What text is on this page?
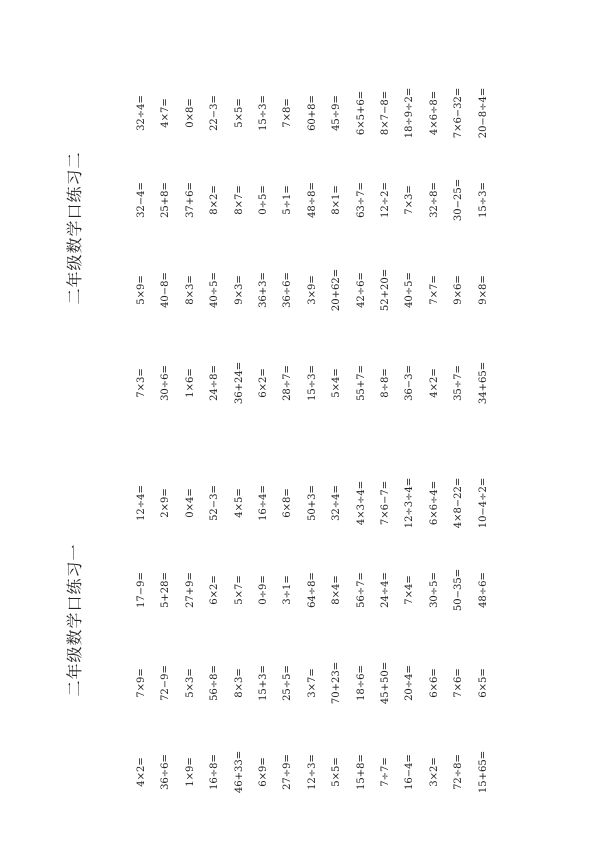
二年级数学口练习二
7×3= 30÷6= 1×6= 24÷8= 36+24= 6×2= 28÷7= 15÷3= 5×4= 55+7= 8÷8= 36−3= 4×2= 35÷7= 34+65=
5×9= 40−8= 8×3= 40÷5= 9×3= 36+3= 36÷6= 3×9= 20+62= 42÷6= 52+20= 40÷5= 7×7= 9×6= 9×8=
32−4= 25+8= 37+6= 8×2= 8×7= 0÷5= 5÷1= 48÷8= 8×1= 63÷7= 12÷2= 7×3= 32÷8= 30−25= 15÷3=
32÷4= 4×7= 0×8= 22−3= 5×5= 15÷3= 7×8= 60+8= 45÷9= 6×5+6= 8×7−8= 18÷9÷2= 4×6÷8= 7×6−32= 20−8÷4=
二年级数学口练习一
4×2= 36÷6= 1×9= 16÷8= 46+33= 6×9= 27÷9= 12÷3= 5×5= 15+8= 7÷7= 16−4= 3×2= 72÷8= 15+65=
7×9= 72−9= 5×3= 56÷8= 8×3= 15+3= 25÷5= 3×7= 70+23= 18÷6= 45+50= 20÷4= 6×6= 7×6= 6×5=
17−9= 5+28= 27+9= 6×2= 5×7= 0÷9= 3÷1= 64÷8= 8×4= 56÷7= 24÷4= 7×4= 30÷5= 50−35= 48÷6=
12÷4= 2×9= 0×4= 52−3= 4×5= 16÷4= 6×8= 50+3= 32÷4= 4×3÷4= 7×6−7= 12÷3÷4= 6×6÷4= 4×8−22= 10−4÷2=
